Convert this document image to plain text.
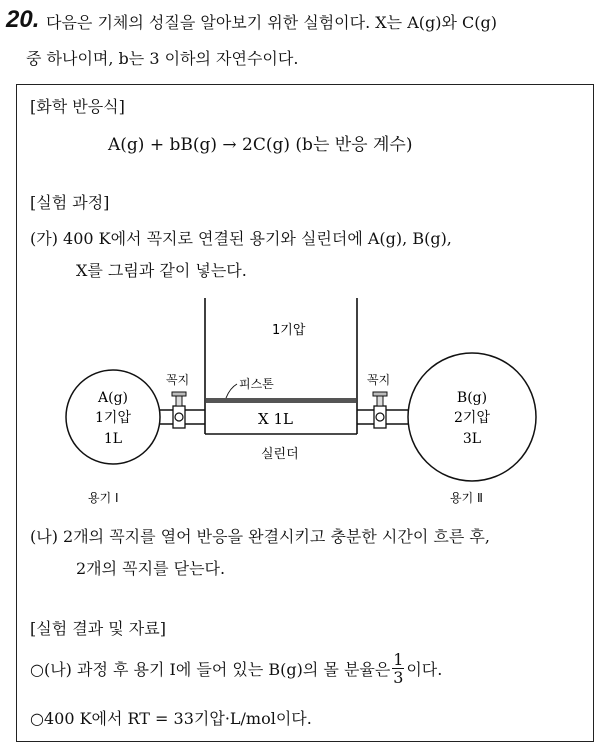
20. 다음은 기체의 성질을 알아보기 위한 실험이다. X는 A(g)와 C(g)
중 하나이며, b는 3 이하의 자연수이다.
[화학 반응식]
A(g) + bB(g) → 2C(g) (b는 반응 계수)
[실험 과정]
(가) 400 K에서 꼭지로 연결된 용기와 실린더에 A(g), B(g),
X를 그림과 같이 넣는다.
1기압
피스톤
꼭지	꼭지
X 1L
실린더
A(g)
1기압
1L
B(g)
2기압
3L
용기 Ⅰ	용기 Ⅱ
(나) 2개의 꼭지를 열어 반응을 완결시키고 충분한 시간이 흐른 후,
2개의 꼭지를 닫는다.
[실험 결과 및 자료]
○(나) 과정 후 용기 Ⅰ에 들어 있는 B(g)의 몰 분율은 $\frac{1}{3}$ 이다.
○400 K에서 RT = 33기압·L/mol이다.
